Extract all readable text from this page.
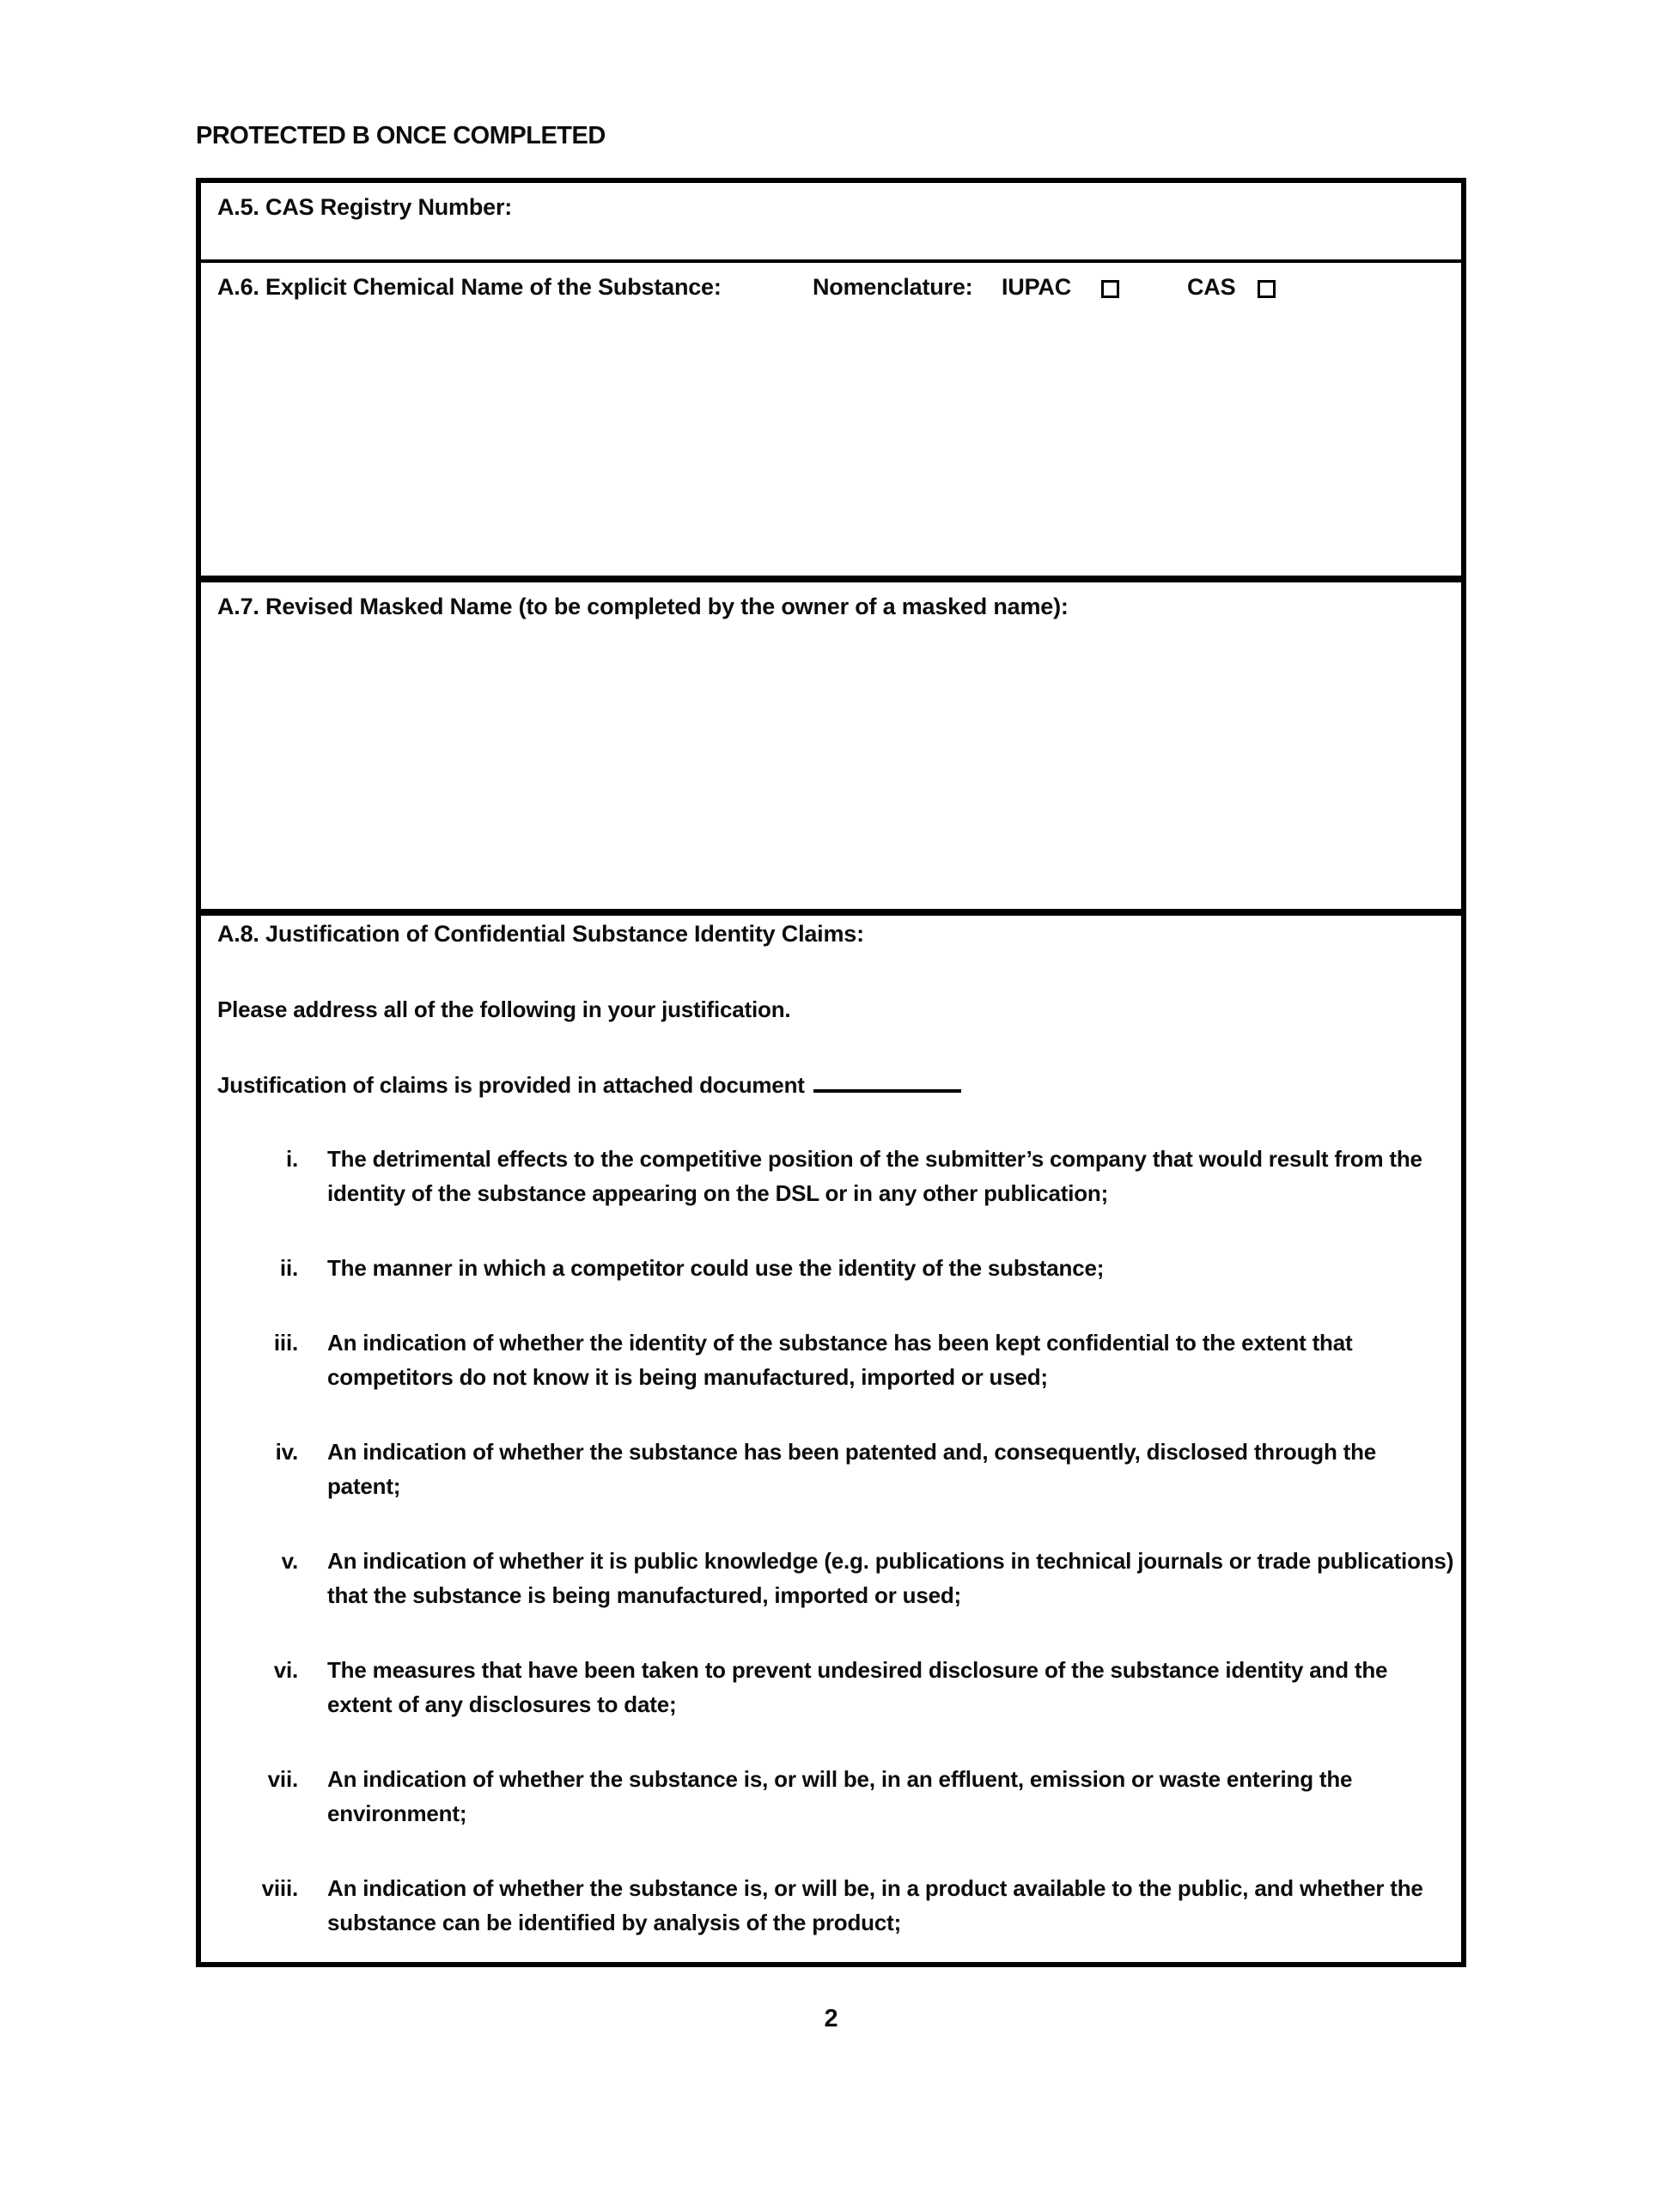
PROTECTED B ONCE COMPLETED
A.5. CAS Registry Number:
A.6. Explicit Chemical Name of the Substance:	Nomenclature: IUPAC	CAS
A.7. Revised Masked Name (to be completed by the owner of a masked name):
A.8. Justification of Confidential Substance Identity Claims:
Please address all of the following in your justification.
Justification of claims is provided in attached document
i. The detrimental effects to the competitive position of the submitter’s company that would result from the identity of the substance appearing on the DSL or in any other publication;
ii. The manner in which a competitor could use the identity of the substance;
iii. An indication of whether the identity of the substance has been kept confidential to the extent that competitors do not know it is being manufactured, imported or used;
iv. An indication of whether the substance has been patented and, consequently, disclosed through the patent;
v. An indication of whether it is public knowledge (e.g. publications in technical journals or trade publications) that the substance is being manufactured, imported or used;
vi. The measures that have been taken to prevent undesired disclosure of the substance identity and the extent of any disclosures to date;
vii. An indication of whether the substance is, or will be, in an effluent, emission or waste entering the environment;
viii. An indication of whether the substance is, or will be, in a product available to the public, and whether the substance can be identified by analysis of the product;
2
